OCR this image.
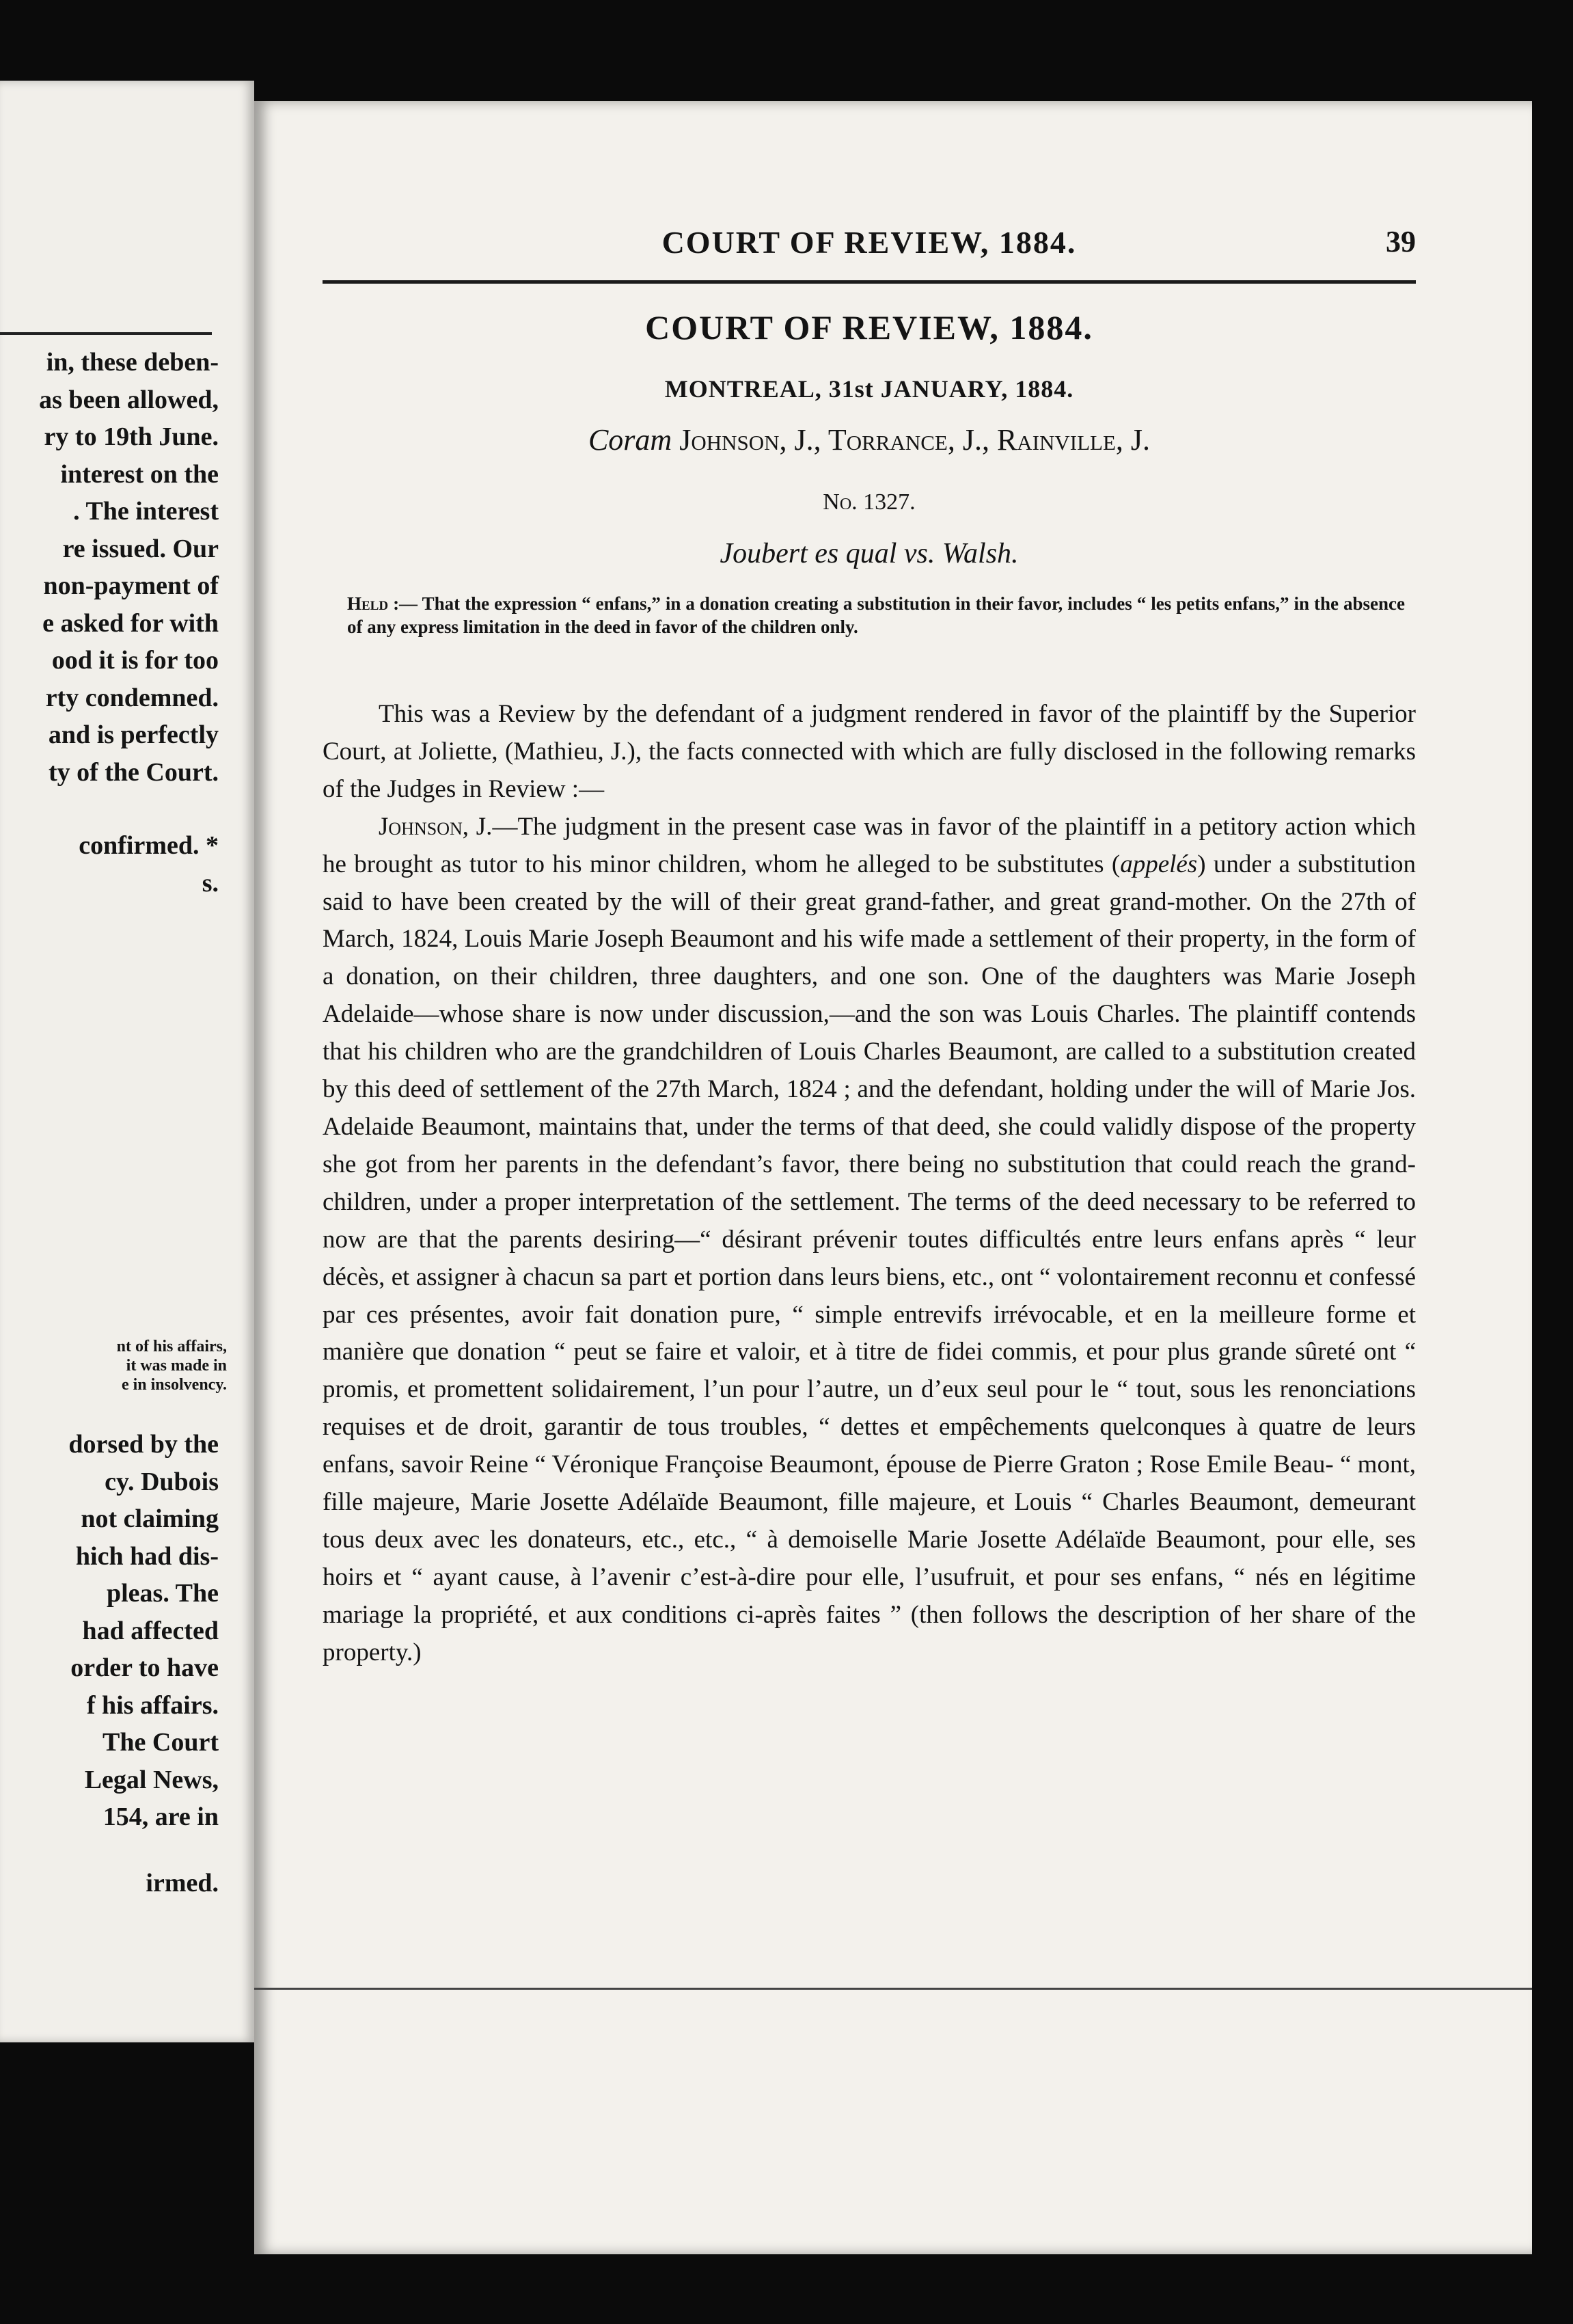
in, these deben-
as been allowed,
ry to 19th June.
interest on the
. The interest
re issued. Our
non-payment of
e asked for with
ood it is for too
rty condemned.
and is perfectly
ty of the Court.
confirmed. *
s.
nt of his affairs,
it was made in
e in insolvency.
dorsed by the
cy. Dubois
not claiming
hich had dis-
pleas. The
had affected
order to have
f his affairs.
The Court
Legal News,
154, are in
irmed.
COURT OF REVIEW, 1884.	39
COURT OF REVIEW, 1884.
MONTREAL, 31st JANUARY, 1884.
Coram Johnson, J., Torrance, J., Rainville, J.
No. 1327.
Joubert es qual vs. Walsh.
Held :— That the expression “ enfans,” in a donation creating a substitution in their favor, includes “ les petits enfans,” in the absence of any express limitation in the deed in favor of the children only.

This was a Review by the defendant of a judgment rendered in favor of the plaintiff by the Superior Court, at Joliette, (Mathieu, J.), the facts connected with which are fully disclosed in the following remarks of the Judges in Review :—

Johnson, J.—The judgment in the present case was in favor of the plaintiff in a petitory action which he brought as tutor to his minor children, whom he alleged to be substitutes (appelés) under a substitution said to have been created by the will of their great grand-father, and great grand-mother. On the 27th of March, 1824, Louis Marie Joseph Beaumont and his wife made a settlement of their property, in the form of a donation, on their children, three daughters, and one son. One of the daughters was Marie Joseph Adelaide—whose share is now under discussion,—and the son was Louis Charles. The plaintiff contends that his children who are the grandchildren of Louis Charles Beaumont, are called to a substitution created by this deed of settlement of the 27th March, 1824 ; and the defendant, holding under the will of Marie Jos. Adelaide Beaumont, maintains that, under the terms of that deed, she could validly dispose of the property she got from her parents in the defendant’s favor, there being no substitution that could reach the grand-children, under a proper interpretation of the settlement. The terms of the deed necessary to be referred to now are that the parents desiring—“ désirant prévenir toutes difficultés entre leurs enfans après “ leur décès, et assigner à chacun sa part et portion dans leurs biens, etc., ont “ volontairement reconnu et confessé par ces présentes, avoir fait donation pure, “ simple entrevifs irrévocable, et en la meilleure forme et manière que donation “ peut se faire et valoir, et à titre de fidei commis, et pour plus grande sûreté ont “ promis, et promettent solidairement, l’un pour l’autre, un d’eux seul pour le “ tout, sous les renonciations requises et de droit, garantir de tous troubles, “ dettes et empêchements quelconques à quatre de leurs enfans, savoir Reine “ Véronique Françoise Beaumont, épouse de Pierre Graton ; Rose Emile Beau- “ mont, fille majeure, Marie Josette Adélaïde Beaumont, fille majeure, et Louis “ Charles Beaumont, demeurant tous deux avec les donateurs, etc., etc., “ à demoiselle Marie Josette Adélaïde Beaumont, pour elle, ses hoirs et “ ayant cause, à l’avenir c’est-à-dire pour elle, l’usufruit, et pour ses enfans, “ nés en légitime mariage la propriété, et aux conditions ci-après faites ” (then follows the description of her share of the property.)
